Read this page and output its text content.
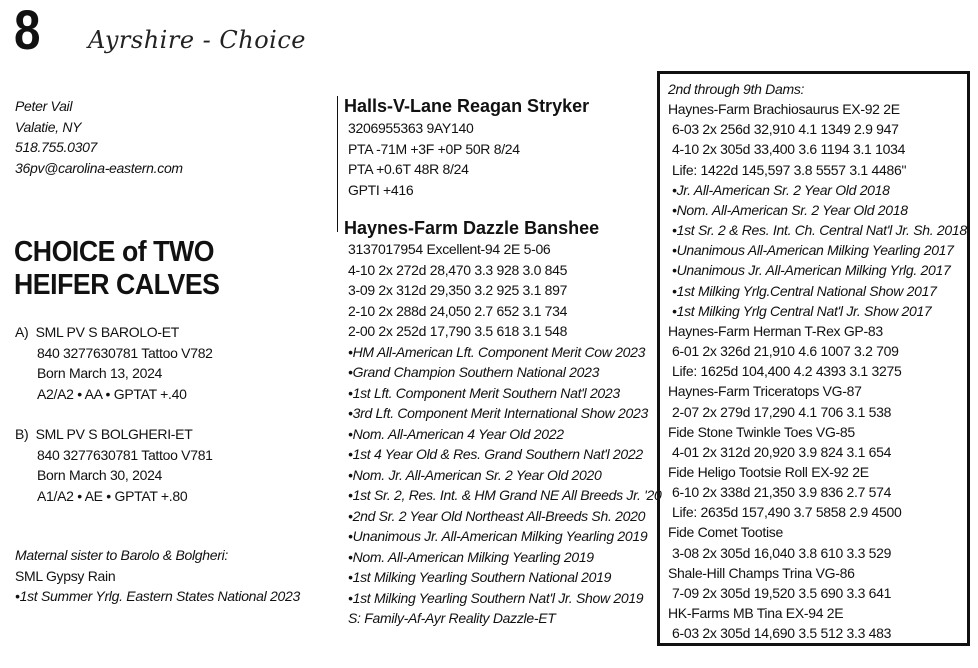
8 Ayrshire - Choice
Peter Vail
Valatie, NY
518.755.0307
36pv@carolina-eastern.com
CHOICE of TWO
HEIFER CALVES
A) SML PV S BAROLO-ET
840 3277630781 Tattoo V782
Born March 13, 2024
A2/A2 • AA • GPTAT +.40
B) SML PV S BOLGHERI-ET
840 3277630781 Tattoo V781
Born March 30, 2024
A1/A2 • AE • GPTAT +.80
Maternal sister to Barolo & Bolgheri:
SML Gypsy Rain
•1st Summer Yrlg. Eastern States National 2023
Halls-V-Lane Reagan Stryker
3206955363 9AY140
PTA -71M +3F +0P 50R 8/24
PTA +0.6T 48R 8/24
GPTI +416
Haynes-Farm Dazzle Banshee
3137017954 Excellent-94 2E 5-06
4-10 2x 272d 28,470 3.3 928 3.0 845
3-09 2x 312d 29,350 3.2 925 3.1 897
2-10 2x 288d 24,050 2.7 652 3.1 734
2-00 2x 252d 17,790 3.5 618 3.1 548
•HM All-American Lft. Component Merit Cow 2023
•Grand Champion Southern National 2023
•1st Lft. Component Merit Southern Nat'l 2023
•3rd Lft. Component Merit International Show 2023
•Nom. All-American 4 Year Old 2022
•1st 4 Year Old & Res. Grand Southern Nat'l 2022
•Nom. Jr. All-American Sr. 2 Year Old 2020
•1st Sr. 2, Res. Int. & HM Grand NE All Breeds Jr. '20
•2nd Sr. 2 Year Old Northeast All-Breeds Sh. 2020
•Unanimous Jr. All-American Milking Yearling 2019
•Nom. All-American Milking Yearling 2019
•1st Milking Yearling Southern National 2019
•1st Milking Yearling Southern Nat'l Jr. Show 2019
S: Family-Af-Ayr Reality Dazzle-ET
2nd through 9th Dams:
Haynes-Farm Brachiosaurus EX-92 2E
6-03 2x 256d 32,910 4.1 1349 2.9 947
4-10 2x 305d 33,400 3.6 1194 3.1 1034
Life: 1422d 145,597 3.8 5557 3.1 4486"
•Jr. All-American Sr. 2 Year Old 2018
•Nom. All-American Sr. 2 Year Old 2018
•1st Sr. 2 & Res. Int. Ch. Central Nat'l Jr. Sh. 2018
•Unanimous All-American Milking Yearling 2017
•Unanimous Jr. All-American Milking Yrlg. 2017
•1st Milking Yrlg.Central National Show 2017
•1st Milking Yrlg Central Nat'l Jr. Show 2017
Haynes-Farm Herman T-Rex GP-83
6-01 2x 326d 21,910 4.6 1007 3.2 709
Life: 1625d 104,400 4.2 4393 3.1 3275
Haynes-Farm Triceratops VG-87
2-07 2x 279d 17,290 4.1 706 3.1 538
Fide Stone Twinkle Toes VG-85
4-01 2x 312d 20,920 3.9 824 3.1 654
Fide Heligo Tootsie Roll EX-92 2E
6-10 2x 338d 21,350 3.9 836 2.7 574
Life: 2635d 157,490 3.7 5858 2.9 4500
Fide Comet Tootise
3-08 2x 305d 16,040 3.8 610 3.3 529
Shale-Hill Champs Trina VG-86
7-09 2x 305d 19,520 3.5 690 3.3 641
HK-Farms MB Tina EX-94 2E
6-03 2x 305d 14,690 3.5 512 3.3 483
